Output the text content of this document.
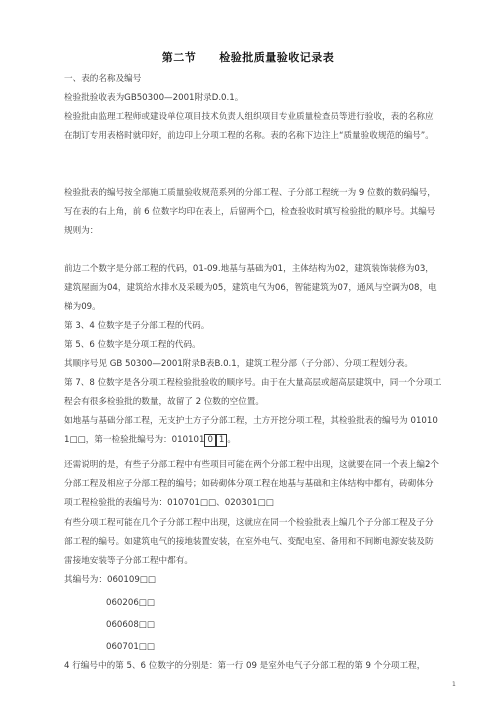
第二节　　检验批质量验收记录表
一、表的名称及编号
检验批验收表为GB50300—2001附录D.0.1。
检验批由监理工程师或建设单位项目技术负责人组织项目专业质量检查员等进行验收，表的名称应在制订专用表格时就印好，前边印上分项工程的名称。表的名称下边注上“质量验收规范的编号”。
检验批表的编号按全部施工质量验收规范系列的分部工程、子分部工程统一为 9 位数的数码编号，写在表的右上角，前 6 位数字均印在表上，后留两个□，检查验收时填写检验批的顺序号。其编号规则为：
前边二个数字是分部工程的代码，01-09.地基与基础为01，主体结构为02，建筑装饰装修为03，建筑屋面为04，建筑给水排水及采暖为05，建筑电气为06，智能建筑为07，通风与空调为08，电梯为09。
第 3、4 位数字是子分部工程的代码。
第 5、6 位数字是分项工程的代码。
其顺序号见 GB 50300—2001附录B表B.0.1，建筑工程分部（子分部）、分项工程划分表。
第 7、8 位数字是各分项工程检验批验收的顺序号。由于在大量高层或超高层建筑中，同一个分项工程会有很多检验批的数量，故留了 2 位数的空位置。
如地基与基础分部工程，无支护土方子分部工程，土方开挖分项工程，其检验批表的编号为 010101□□，第一检验批编号为：010101 0 1 。
还需说明的是，有些子分部工程中有些项目可能在两个分部工程中出现，这就要在同一个表上编2个分部工程及相应子分部工程的编号；如砖砌体分项工程在地基与基础和主体结构中都有，砖砌体分项工程检验批的表编号为：010701□□、020301□□
有些分项工程可能在几个子分部工程中出现，这就应在同一个检验批表上编几个子分部工程及子分部工程的编号。如建筑电气的接地装置安装，在室外电气、变配电室、备用和不间断电源安装及防雷接地安装等子分部工程中都有。
其编号为：060109□□
060206□□
060608□□
060701□□
4 行编号中的第 5、6 位数字的分别是：第一行 09 是室外电气子分部工程的第 9 个分项工程，
1
